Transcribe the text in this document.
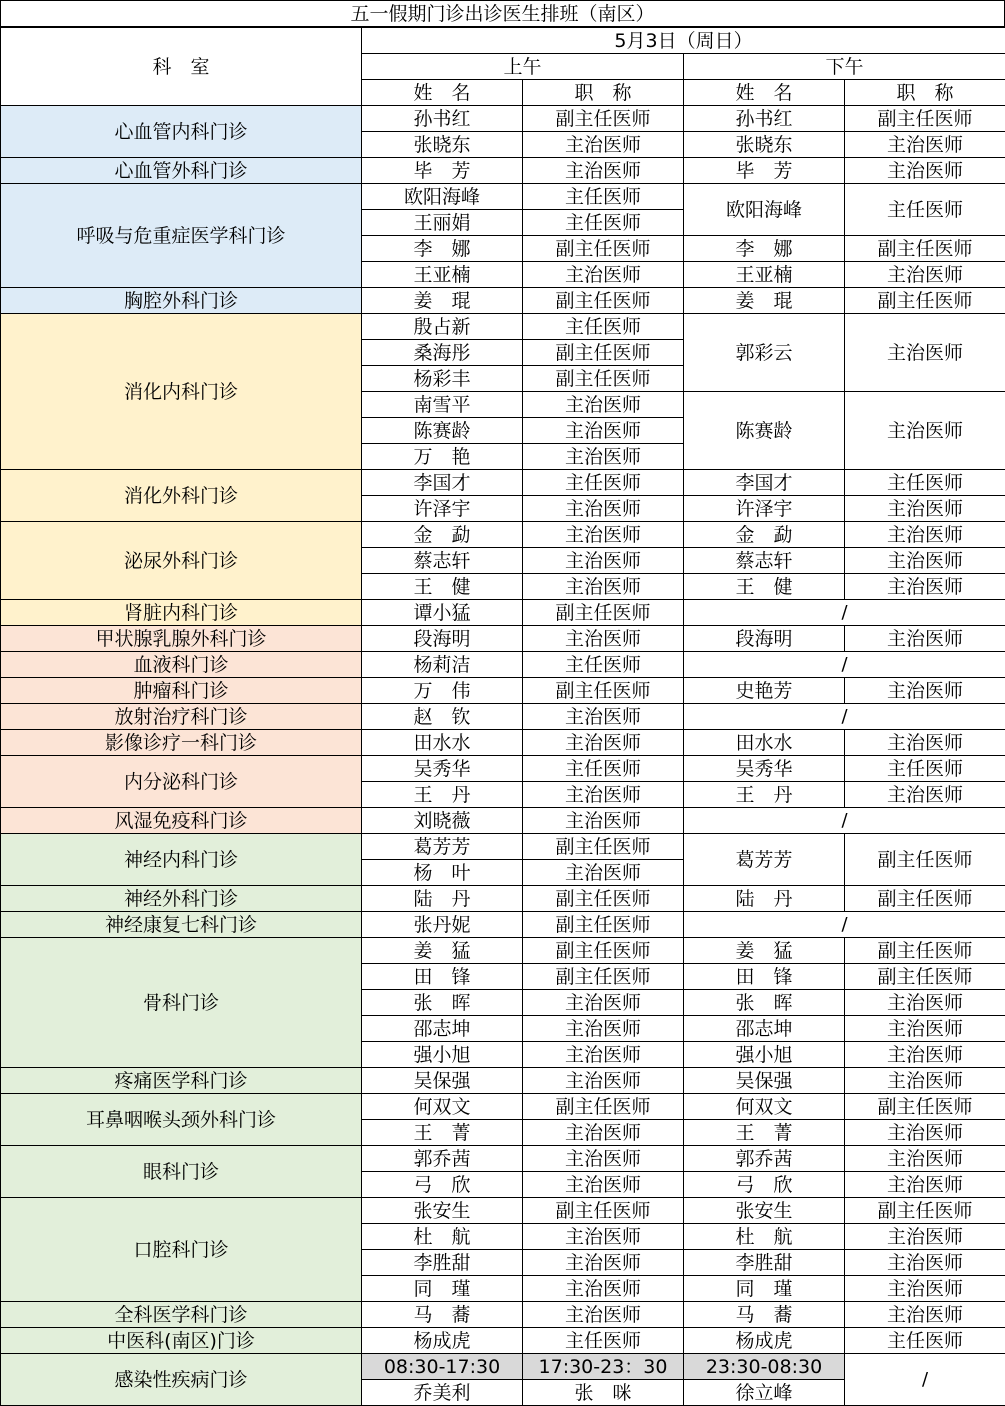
五一假期门诊出诊医生排班（南区）
科　室	5月3日（周日）			
	上午		下午	
	姓　名	职　称	姓　名	职　称
心血管内科门诊	孙书红	副主任医师	孙书红	副主任医师
	张晓东	主治医师	张晓东	主治医师
心血管外科门诊	毕　芳	主治医师	毕　芳	主治医师
呼吸与危重症医学科门诊	欧阳海峰	主任医师	欧阳海峰	主任医师
	王丽娟	主任医师		
	李　娜	副主任医师	李　娜	副主任医师
	王亚楠	主治医师	王亚楠	主治医师
胸腔外科门诊	姜　琨	副主任医师	姜　琨	副主任医师
消化内科门诊	殷占新	主任医师	郭彩云	主治医师
	桑海彤	副主任医师		
	杨彩丰	副主任医师		
	南雪平	主治医师	陈赛龄	主治医师
	陈赛龄	主治医师		
	万　艳	主治医师		
消化外科门诊	李国才	主任医师	李国才	主任医师
	许泽宇	主治医师	许泽宇	主治医师
泌尿外科门诊	金　勐	主治医师	金　勐	主治医师
	蔡志轩	主治医师	蔡志轩	主治医师
	王　健	主治医师	王　健	主治医师
肾脏内科门诊	谭小猛	副主任医师	/	
甲状腺乳腺外科门诊	段海明	主治医师	段海明	主治医师
血液科门诊	杨莉洁	主任医师	/	
肿瘤科门诊	万　伟	副主任医师	史艳芳	主治医师
放射治疗科门诊	赵　钦	主治医师	/	
影像诊疗一科门诊	田水水	主治医师	田水水	主治医师
内分泌科门诊	吴秀华	主任医师	吴秀华	主任医师
	王　丹	主治医师	王　丹	主治医师
风湿免疫科门诊	刘晓薇	主治医师	/	
神经内科门诊	葛芳芳	副主任医师	葛芳芳	副主任医师
	杨　叶	主治医师		
神经外科门诊	陆　丹	副主任医师	陆　丹	副主任医师
神经康复七科门诊	张丹妮	副主任医师	/	
骨科门诊	姜　猛	副主任医师	姜　猛	副主任医师
	田　锋	副主任医师	田　锋	副主任医师
	张　晖	主治医师	张　晖	主治医师
	邵志坤	主治医师	邵志坤	主治医师
	强小旭	主治医师	强小旭	主治医师
疼痛医学科门诊	吴保强	主治医师	吴保强	主治医师
耳鼻咽喉头颈外科门诊	何双文	副主任医师	何双文	副主任医师
	王　菁	主治医师	王　菁	主治医师
眼科门诊	郭乔茜	主治医师	郭乔茜	主治医师
	弓　欣	主治医师	弓　欣	主治医师
口腔科门诊	张安生	副主任医师	张安生	副主任医师
	杜　航	主治医师	杜　航	主治医师
	李胜甜	主治医师	李胜甜	主治医师
	同　瑾	主治医师	同　瑾	主治医师
全科医学科门诊	马　蕎	主治医师	马　蕎	主治医师
中医科(南区)门诊	杨成虎	主任医师	杨成虎	主任医师
感染性疾病门诊	08:30-17:30	17:30-23：30	23:30-08:30	/
	乔美利	张　咪	徐立峰	
